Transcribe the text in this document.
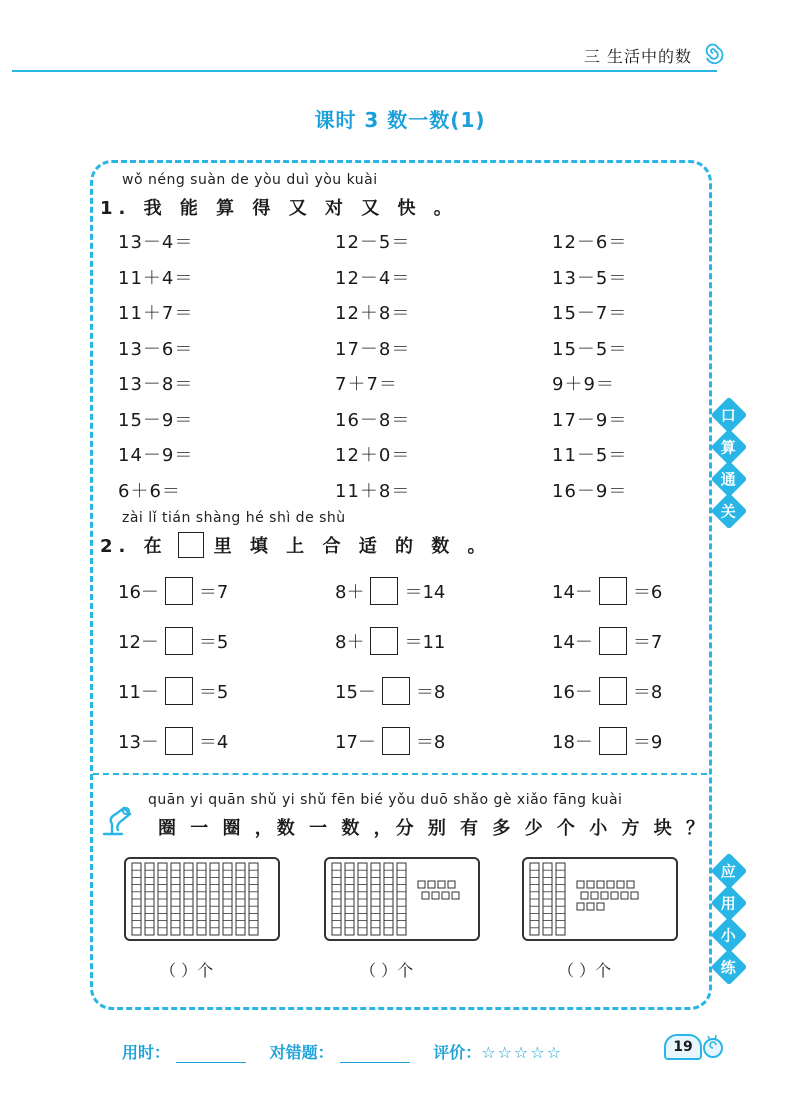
三 生活中的数
课时 3 数一数(1)
wǒ néng suàn de yòu duì yòu kuài
1. 我 能 算 得 又 对 又 快 。
13－4＝	12－5＝	12－6＝
11＋4＝	12－4＝	13－5＝
11＋7＝	12＋8＝	15－7＝
13－6＝	17－8＝	15－5＝
13－8＝	7＋7＝	9＋9＝
15－9＝	16－8＝	17－9＝
14－9＝	12＋0＝	11－5＝
6＋6＝	11＋8＝	16－9＝
zài lǐ tián shàng hé shì de shù
2. 在	里 填 上 合 适 的 数 。
16－ ＝7	8＋ ＝14	14－ ＝6
12－ ＝5	8＋ ＝11	14－ ＝7
11－ ＝5	15－ ＝8	16－ ＝8
13－ ＝4	17－ ＝8	18－ ＝9
quān yi quān shǔ yi shǔ fēn bié yǒu duō shǎo gè xiǎo fāng kuài
圈 一 圈 ，数 一 数 ，分 别 有 多 少 个 小 方 块 ？
（ ）个	（ ）个	（ ）个
口
算
通
关
应
用
小
练
用时：	对错题：	评价：☆☆☆☆☆	19
